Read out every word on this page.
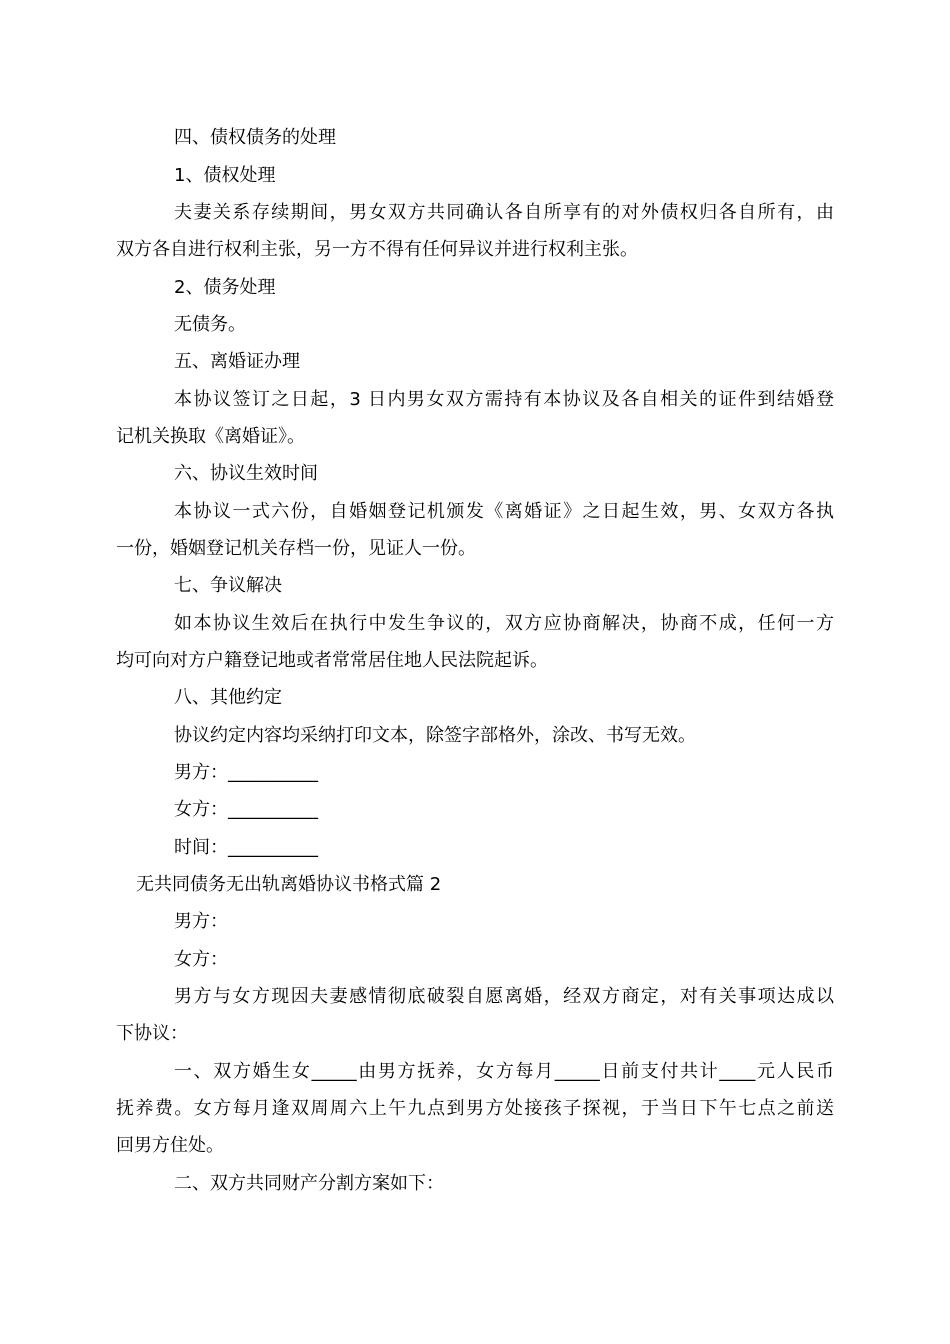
四、债权债务的处理
1、债权处理
夫妻关系存续期间，男女双方共同确认各自所享有的对外债权归各自所有，由
双方各自进行权利主张，另一方不得有任何异议并进行权利主张。
2、债务处理
无债务。
五、离婚证办理
本协议签订之日起，3 日内男女双方需持有本协议及各自相关的证件到结婚登
记机关换取《离婚证》。
六、协议生效时间
本协议一式六份，自婚姻登记机颁发《离婚证》之日起生效，男、女双方各执
一份，婚姻登记机关存档一份，见证人一份。
七、争议解决
如本协议生效后在执行中发生争议的，双方应协商解决，协商不成，任何一方
均可向对方户籍登记地或者常常居住地人民法院起诉。
八、其他约定
协议约定内容均采纳打印文本，除签字部格外，涂改、书写无效。
男方：__________
女方：__________
时间：__________
无共同债务无出轨离婚协议书格式篇 2
男方：
女方：
男方与女方现因夫妻感情彻底破裂自愿离婚，经双方商定，对有关事项达成以
下协议：
一、双方婚生女_____由男方抚养，女方每月_____日前支付共计____元人民币
抚养费。女方每月逢双周周六上午九点到男方处接孩子探视，于当日下午七点之前送
回男方住处。
二、双方共同财产分割方案如下：
